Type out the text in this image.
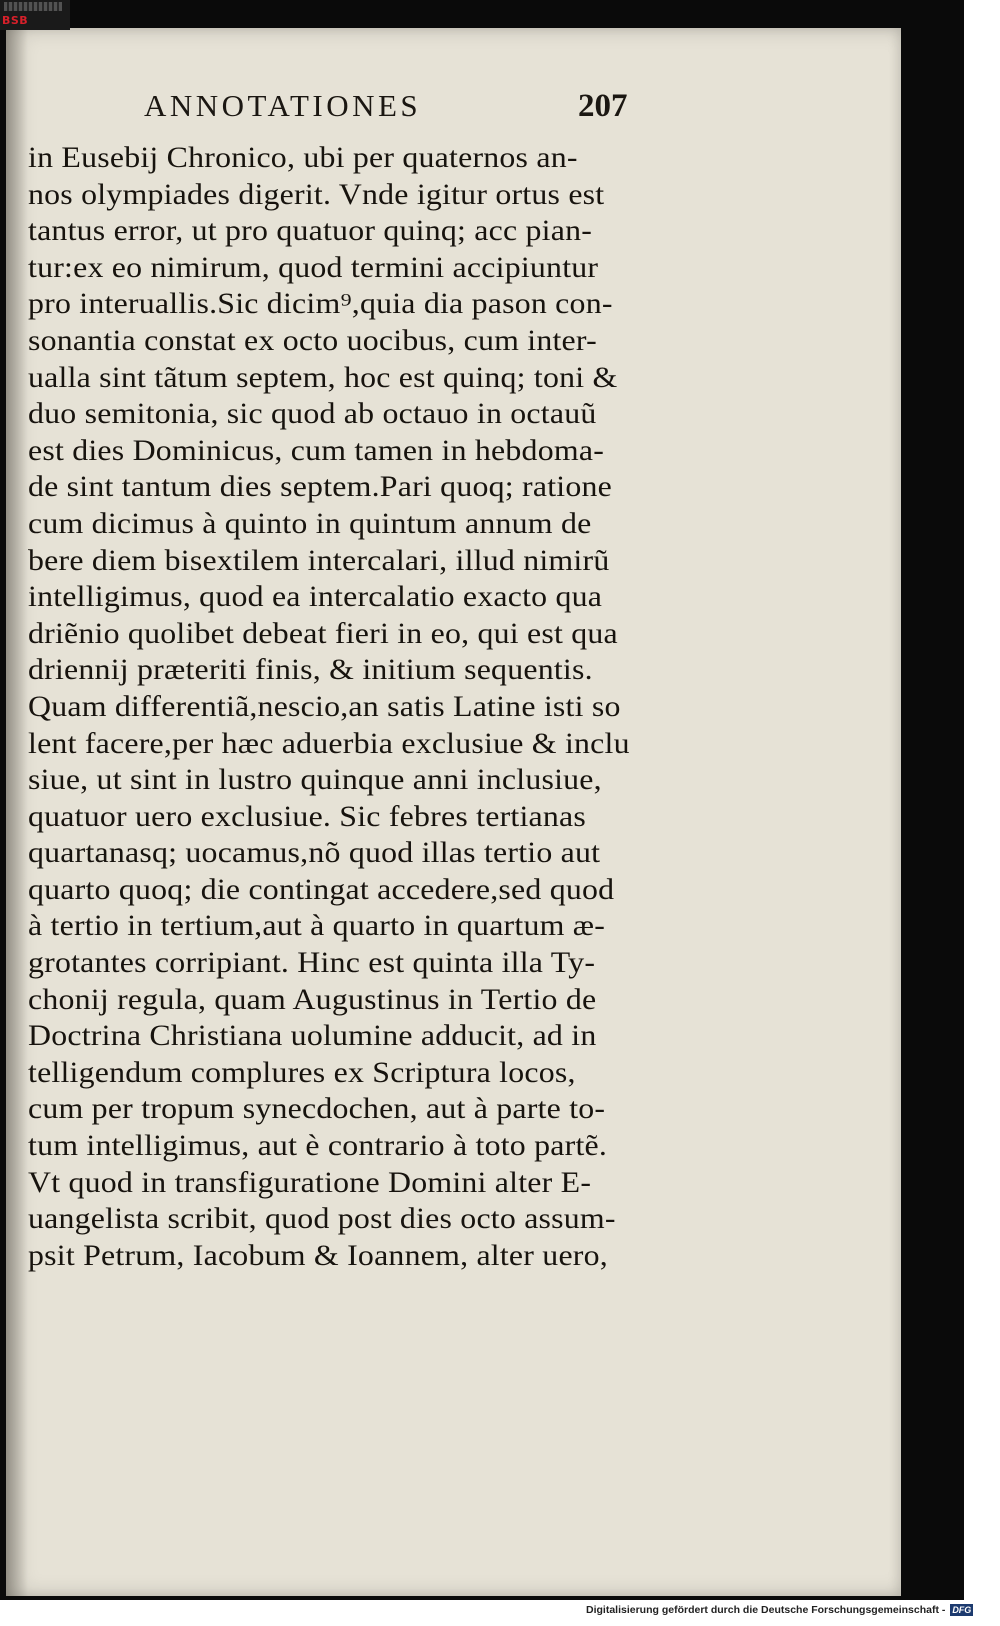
BSB
ANNOTATIONES	207
in Eusebij Chronico, ubi per quaternos an-
nos olympiades digerit. Vnde igitur ortus est
tantus error, ut pro quatuor quinq; acc pian-
tur:ex eo nimirum, quod termini accipiuntur
pro interuallis.Sic dicim⁹,quia dia pason con-
sonantia constat ex octo uocibus, cum inter-
ualla sint tãtum septem, hoc est quinq; toni &
duo semitonia, sic quod ab octauo in octauũ
est dies Dominicus, cum tamen in hebdoma-
de sint tantum dies septem.Pari quoq; ratione
cum dicimus à quinto in quintum annum de
bere diem bisextilem intercalari, illud nimirũ
intelligimus, quod ea intercalatio exacto qua
driẽnio quolibet debeat fieri in eo, qui est qua
driennij præteriti finis, & initium sequentis.
Quam differentiã,nescio,an satis Latine isti so
lent facere,per hæc aduerbia exclusiue & inclu
siue, ut sint in lustro quinque anni inclusiue,
quatuor uero exclusiue. Sic febres tertianas
quartanasq; uocamus,nõ quod illas tertio aut
quarto quoq; die contingat accedere,sed quod
à tertio in tertium,aut à quarto in quartum æ-
grotantes corripiant. Hinc est quinta illa Ty-
chonij regula, quam Augustinus in Tertio de
Doctrina Christiana uolumine adducit, ad in
telligendum complures ex Scriptura locos,
cum per tropum synecdochen, aut à parte to-
tum intelligimus, aut è contrario à toto partẽ.
Vt quod in transfiguratione Domini alter E-
uangelista scribit, quod post dies octo assum-
psit Petrum, Iacobum & Ioannem, alter uero,
Digitalisierung gefördert durch die Deutsche Forschungsgemeinschaft - DFG
